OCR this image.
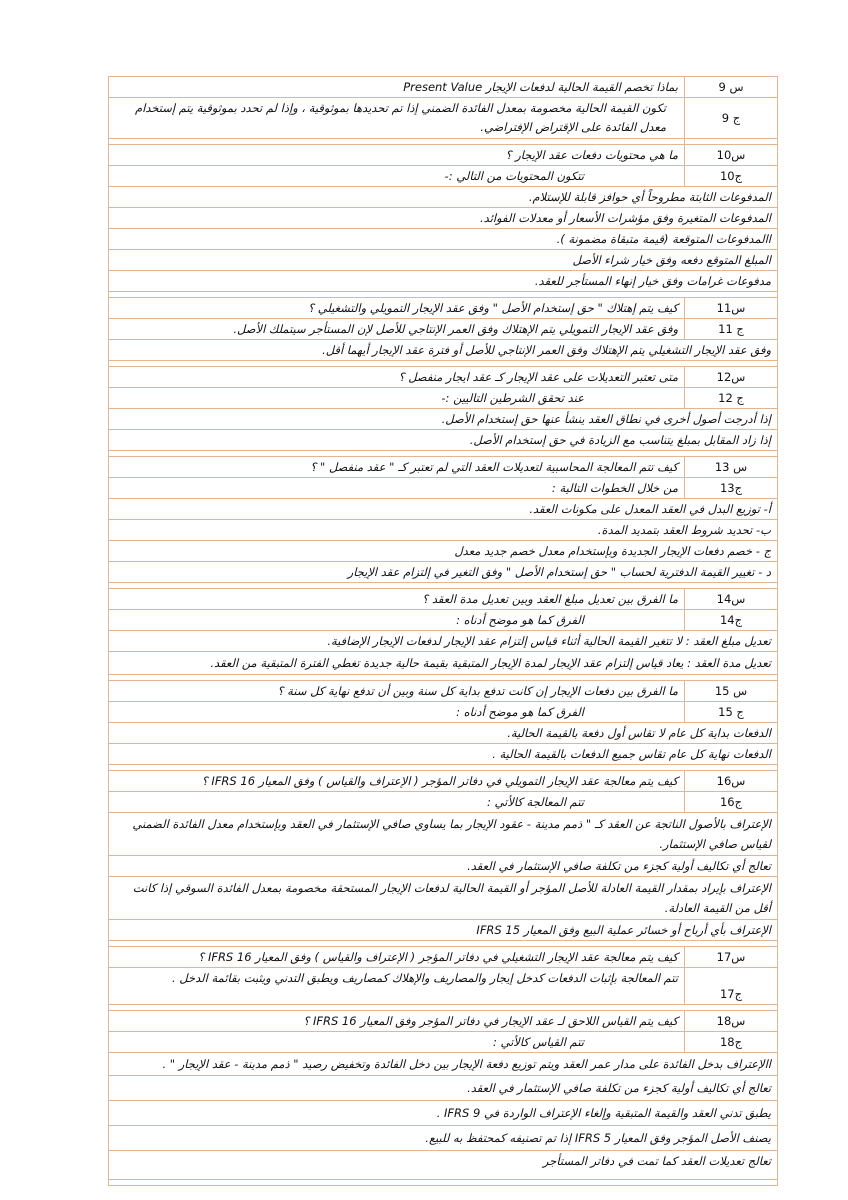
س 9	بماذا تخصم القيمة الحالية لدفعات الإيجار Present Value
ج 9	تكون القيمة الحالية مخصومة بمعدل الفائدة الضمني إذا تم تحديدها بموثوقية ، وإذا لم تحدد بموثوقية يتم إستخدام معدل الفائدة على الإقتراض الإفتراضي.

س10	ما هي محتويات دفعات عقد الإيجار ؟
ج10	تتكون المحتويات من التالي :-
المدفوعات الثابتة مطروحاً أي حوافز قابلة للإستلام.	
المدفوعات المتغيرة وفق مؤشرات الأسعار أو معدلات الفوائد.	
االمدفوعات المتوقعة (قيمة متبقاة مضمونة ).	
المبلغ المتوقع دفعه وفق خيار شراء الأصل	
مدفوعات غرامات وفق خيار إنهاء المستأجر للعقد.	

س11	كيف يتم إهتلاك " حق إستخدام الأصل " وفق عقد الإيجار التمويلي والتشغيلي ؟
ج 11	وفق عقد الإيجار التمويلي يتم الإهتلاك وفق العمر الإنتاجي للأصل لإن المستأجر سيتملك الأصل.
وفق عقد الإيجار التشغيلي يتم الإهتلاك وفق العمر الإنتاجي للأصل أو فترة عقد الإيجار أيهما أقل.	

س12	متى تعتبر التعديلات على عقد الإيجار كـ عقد ايجار منفصل ؟
ج 12	عند تحقق الشرطين التاليين :-
إذا أدرجت أصول أخرى في نطاق العقد ينشأ عنها حق إستخدام الأصل.	
إذا زاد المقابل بمبلغ يتناسب مع الزيادة في حق إستخدام الأصل.	

س 13	كيف تتم المعالجة المحاسبية لتعديلات العقد التي لم تعتبر كـ " عقد منفصل " ؟
ج13	من خلال الخطوات التالية :
أ- توزيع البدل في العقد المعدل على مكونات العقد.	
ب- تحديد شروط العقد بتمديد المدة.	
ج - خصم دفعات الإيجار الجديدة وبإستخدام معدل خصم جديد معدل	
د - تغيير القيمة الدفترية لحساب " حق إستخدام الأصل " وفق التغير في إلتزام عقد الإيجار	

س14	ما الفرق بين تعديل مبلغ العقد وبين تعديل مدة العقد ؟
ج14	الفرق كما هو موضح أدناه :
تعديل مبلغ العقد : لا تتغير القيمة الحالية أثناء قياس إلتزام عقد الإيجار لدفعات الإيجار الإضافية.	
تعديل مدة العقد : يعاد قياس إلتزام عقد الإيجار لمدة الإيجار المتبقية بقيمة حالية جديدة تغطي الفترة المتبقية من العقد.	

س 15	ما الفرق بين دفعات الإيجار إن كانت تدفع بداية كل سنة وبين أن تدفع نهاية كل سنة ؟
ج 15	الفرق كما هو موضح أدناه :
الدفعات بداية كل عام لا تقاس أول دفعة بالقيمة الحالية.	
الدفعات نهاية كل عام تقاس جميع الدفعات بالقيمة الحالية .	

س16	كيف يتم معالجة عقد الإيجار التمويلي في دفاتر المؤجر ( الإعتراف والقياس ) وفق المعيار IFRS 16 ؟
ج16	تتم المعالجة كالأتي :
الإعتراف بالأصول الناتجة عن العقد كـ " ذمم مدينة - عقود الإيجار بما يساوي صافي الإستثمار في العقد وبإستخدام معدل الفائدة الضمني لقياس صافي الإستثمار.	
تعالج أي تكاليف أولية كجزء من تكلفة صافي الإستثمار في العقد.	
الإعتراف بإيراد بمقدار القيمة العادلة للأصل المؤجر أو القيمة الحالية لدفعات الإيجار المستحقة مخصومة بمعدل الفائدة السوقي إذا كانت أقل من القيمة العادلة.	
الإعتراف بأي أرباح أو خسائر عملية البيع وفق المعيار IFRS 15	

س17	كيف يتم معالجة عقد الإيجار التشغيلي في دفاتر المؤجر ( الإعتراف والقياس ) وفق المعيار IFRS 16 ؟
ج17	تتم المعالجة بإثبات الدفعات كدخل إيجار والمصاريف والإهلاك كمصاريف ويطبق التدني ويثبت بقائمة الدخل .

س18	كيف يتم القياس اللاحق لـ عقد الإيجار في دفاتر المؤجر وفق المعيار IFRS 16 ؟
ج18	تتم القياس كالأتي :
االإعتراف بدخل الفائدة على مدار عمر العقد ويتم توزيع دفعة الإيجار بين دخل الفائدة وتخفيض رصيد " ذمم مدينة - عقد الإيجار " .	
تعالج أي تكاليف أولية كجزء من تكلفة صافي الإستثمار في العقد.	
يطبق تدني العقد والقيمة المتبقية وإلغاء الإعتراف الواردة في IFRS 9 .	
يصنف الأصل المؤجر وفق المعيار IFRS 5 إذا تم تصنيفه كمحتفظ به للبيع.	
تعالج تعديلات العقد كما تمت في دفاتر المستأجر	
